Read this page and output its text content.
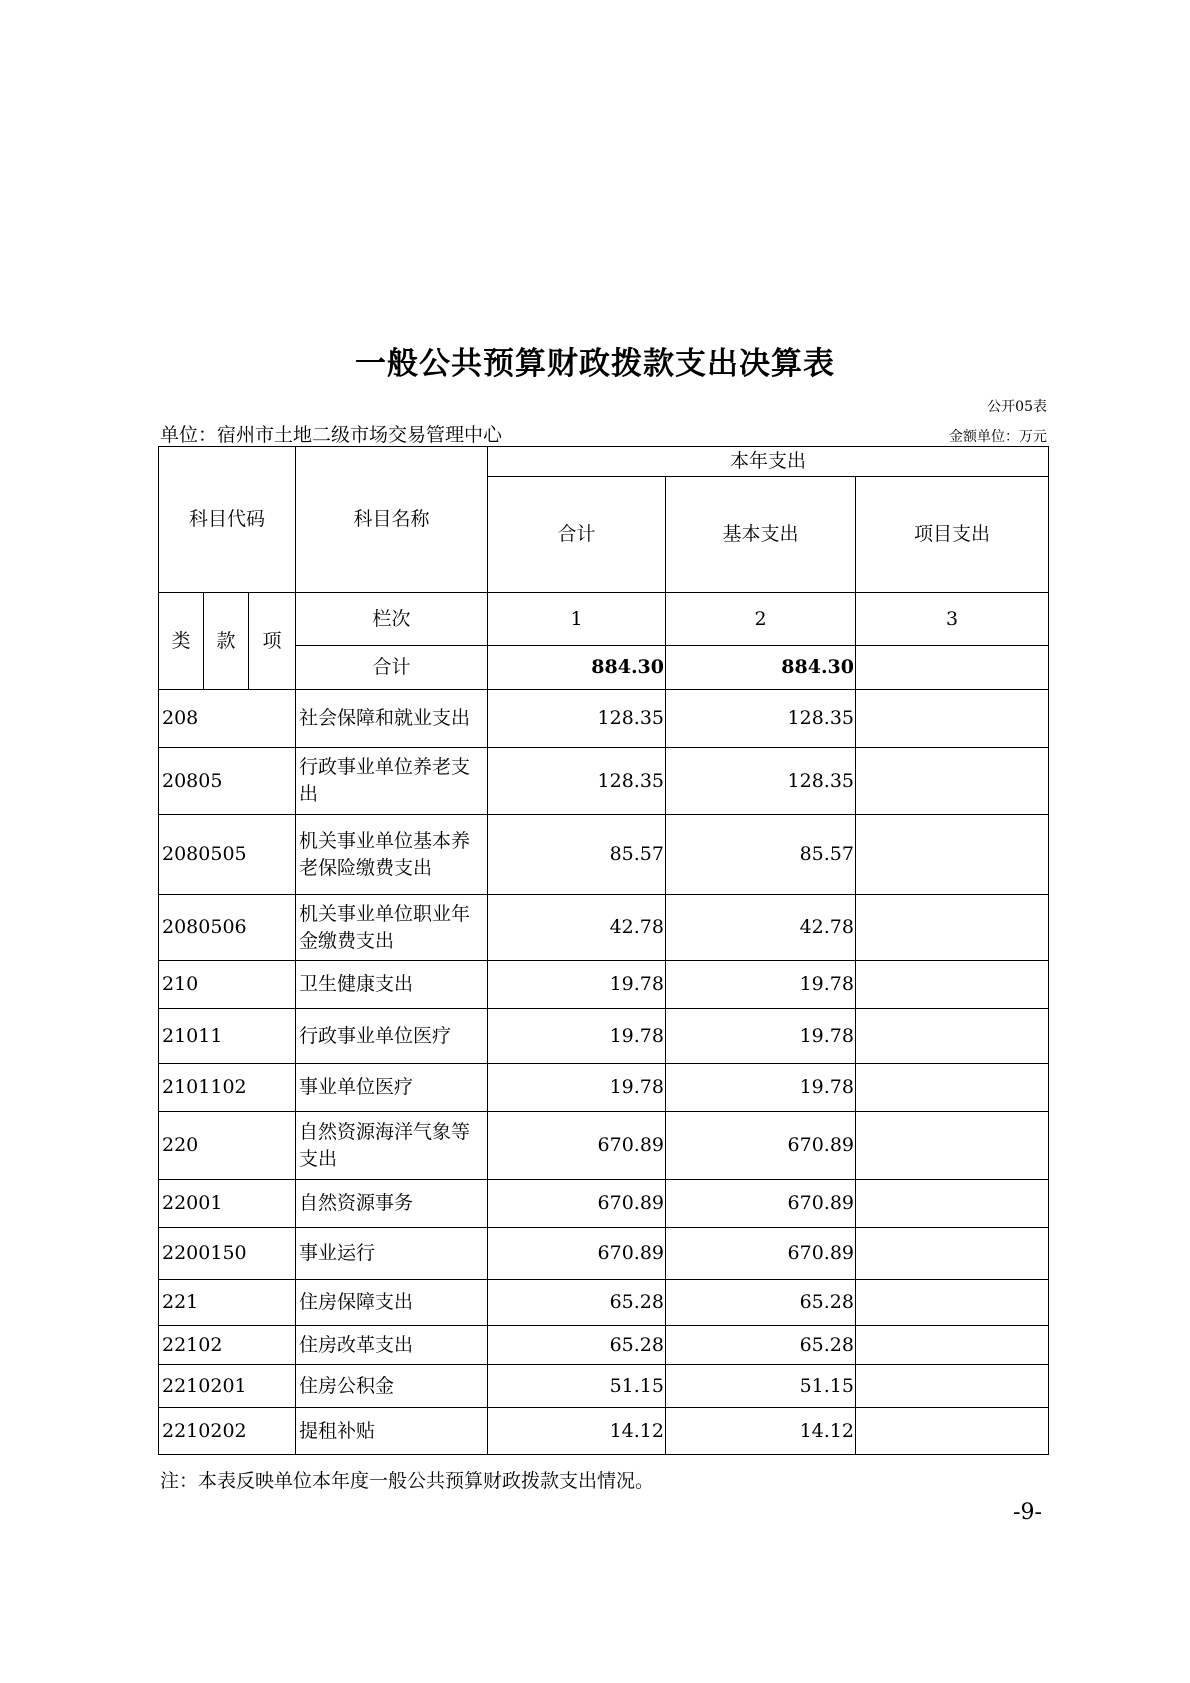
一般公共预算财政拨款支出决算表
公开05表
单位：宿州市土地二级市场交易管理中心	金额单位：万元
科目代码			科目名称	本年支出		
				合计	基本支出	项目支出
类	款	项	栏次	1	2	3
			合计	884.30	884.30	
208			社会保障和就业支出	128.35	128.35	
20805			行政事业单位养老支出	128.35	128.35	
2080505			机关事业单位基本养老保险缴费支出	85.57	85.57	
2080506			机关事业单位职业年金缴费支出	42.78	42.78	
210			卫生健康支出	19.78	19.78	
21011			行政事业单位医疗	19.78	19.78	
2101102			事业单位医疗	19.78	19.78	
220			自然资源海洋气象等支出	670.89	670.89	
22001			自然资源事务	670.89	670.89	
2200150			事业运行	670.89	670.89	
221			住房保障支出	65.28	65.28	
22102			住房改革支出	65.28	65.28	
2210201			住房公积金	51.15	51.15	
2210202			提租补贴	14.12	14.12	
注：本表反映单位本年度一般公共预算财政拨款支出情况。
-9-
